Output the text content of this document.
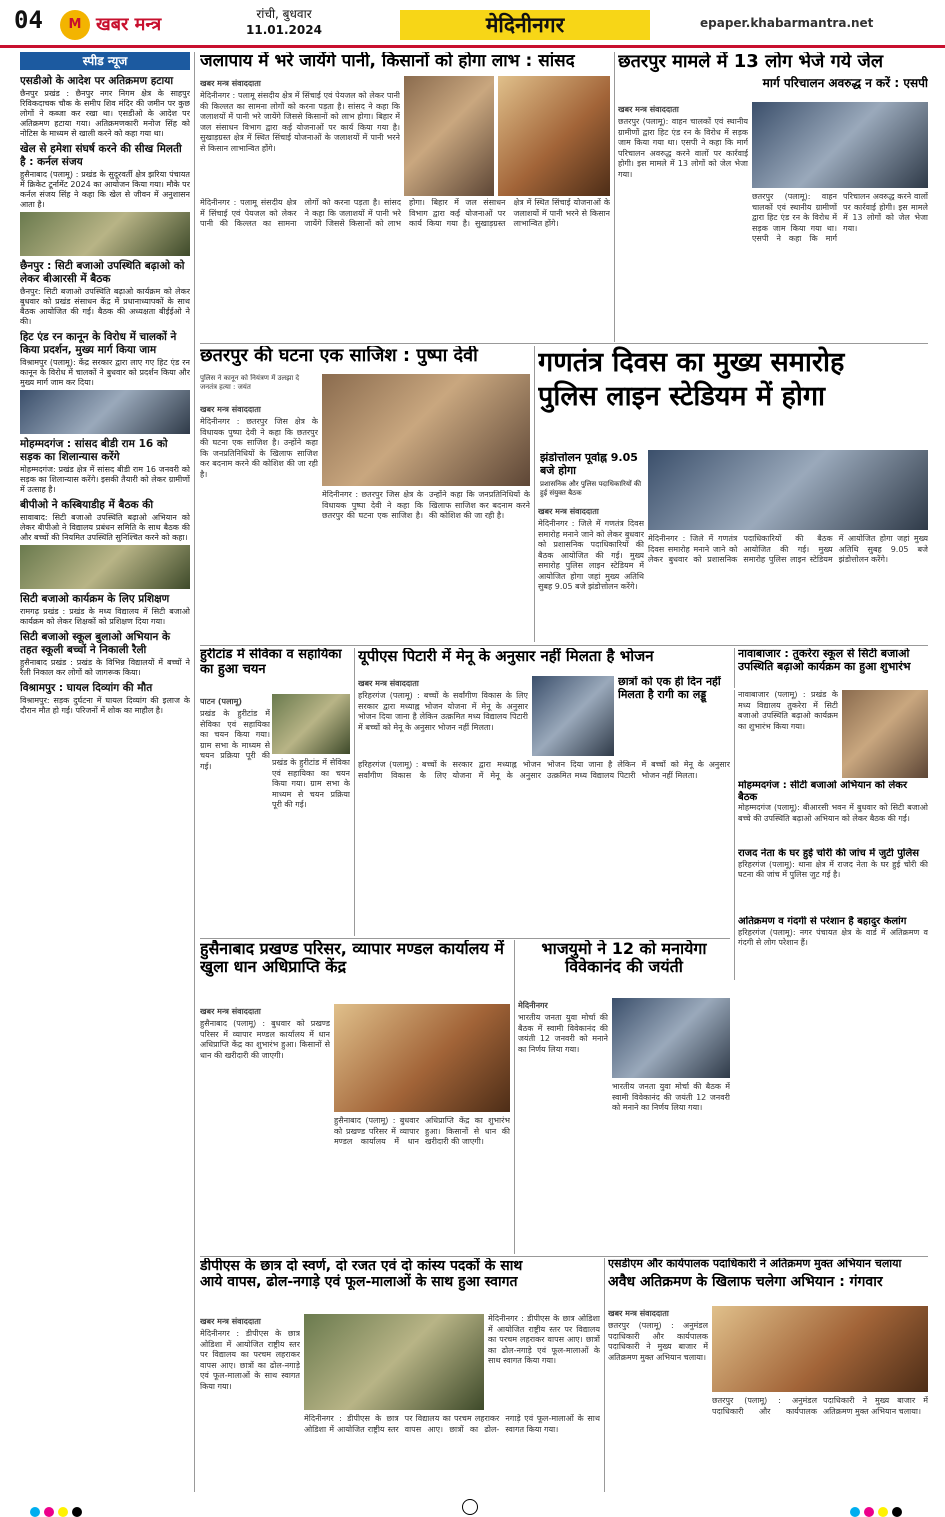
04	M खबर मन्त्र	रांची, बुधवार
11.01.2024	मेदिनीनगर	epaper.khabarmantra.net
स्पीड न्यूज
एसडीओ के आदेश पर अतिक्रमण हटाया
छैनपुर प्रखंड : छैनपुर नगर निगम क्षेत्र के साहपुर रिविकदाचक चौक के समीप शिव मंदिर की जमीन पर कुछ लोगों ने कब्जा कर रखा था। एसडीओ के आदेश पर अतिक्रमण हटाया गया। अतिक्रमणकारी मनोज सिंह को नोटिस के माध्यम से खाली करने को कहा गया था।
खेल से हमेशा संघर्ष करने की सीख मिलती है : कर्नल संजय
हुसैनाबाद (पलामू) : प्रखंड के सुदूरवर्ती क्षेत्र झरिया पंचायत में क्रिकेट टूर्नामेंट 2024 का आयोजन किया गया। मौके पर कर्नल संजय सिंह ने कहा कि खेल से जीवन में अनुशासन आता है।
छैनपुर : सिटी बजाओ उपस्थिति बढ़ाओ को लेकर बीआरसी में बैठक
छैनपुर: सिटी बजाओ उपस्थिति बढ़ाओ कार्यक्रम को लेकर बुधवार को प्रखंड संसाधन केंद्र में प्रधानाध्यापकों के साथ बैठक आयोजित की गई। बैठक की अध्यक्षता बीईईओ ने की।
हिट एंड रन कानून के विरोध में चालकों ने किया प्रदर्शन, मुख्य मार्ग किया जाम
विश्रामपुर (पलामू): केंद्र सरकार द्वारा लाए गए हिट एंड रन कानून के विरोध में चालकों ने बुधवार को प्रदर्शन किया और मुख्य मार्ग जाम कर दिया।
मोहम्मदगंज : सांसद बीडी राम 16 को सड़क का शिलान्यास करेंगे
मोहम्मदगंज: प्रखंड क्षेत्र में सांसद बीडी राम 16 जनवरी को सड़क का शिलान्यास करेंगे। इसकी तैयारी को लेकर ग्रामीणों में उत्साह है।
बीपीओ ने कस्बियाडीह में बैठक की
सावाबाद: सिटी बजाओ उपस्थिति बढ़ाओ अभियान को लेकर बीपीओ ने विद्यालय प्रबंधन समिति के साथ बैठक की और बच्चों की नियमित उपस्थिति सुनिश्चित करने को कहा।
सिटी बजाओ कार्यक्रम के लिए प्रशिक्षण
रामगढ़ प्रखंड : प्रखंड के मध्य विद्यालय में सिटी बजाओ कार्यक्रम को लेकर शिक्षकों को प्रशिक्षण दिया गया।
सिटी बजाओ स्कूल बुलाओ अभियान के तहत स्कूली बच्चों ने निकाली रैली
हुसैनाबाद प्रखंड : प्रखंड के विभिन्न विद्यालयों में बच्चों ने रैली निकाल कर लोगों को जागरूक किया।
विश्रामपुर : घायल दिव्यांग की मौत
विश्रामपुर: सड़क दुर्घटना में घायल दिव्यांग की इलाज के दौरान मौत हो गई। परिजनों में शोक का माहौल है।
जलापाय में भरे जायेंगे पानी, किसानों को होगा लाभ : सांसद
खबर मन्त्र संवाददाता
मेदिनीनगर : पलामू संसदीय क्षेत्र में सिंचाई एवं पेयजल को लेकर पानी की किल्लत का सामना लोगों को करना पड़ता है। सांसद ने कहा कि जलाशयों में पानी भरे जायेंगे जिससे किसानों को लाभ होगा। बिहार में जल संसाधन विभाग द्वारा कई योजनाओं पर कार्य किया गया है। सुखाड़ग्रस्त क्षेत्र में स्थित सिंचाई योजनाओं के जलाशयों में पानी भरने से किसान लाभान्वित होंगे।
मेदिनीनगर : पलामू संसदीय क्षेत्र में सिंचाई एवं पेयजल को लेकर पानी की किल्लत का सामना लोगों को करना पड़ता है। सांसद ने कहा कि जलाशयों में पानी भरे जायेंगे जिससे किसानों को लाभ होगा। बिहार में जल संसाधन विभाग द्वारा कई योजनाओं पर कार्य किया गया है। सुखाड़ग्रस्त क्षेत्र में स्थित सिंचाई योजनाओं के जलाशयों में पानी भरने से किसान लाभान्वित होंगे।
छतरपुर मामले में 13 लोग भेजे गये जेल
मार्ग परिचालन अवरुद्ध न करें : एसपी
खबर मन्त्र संवाददाता
छतरपुर (पलामू): वाहन चालकों एवं स्थानीय ग्रामीणों द्वारा हिट एंड रन के विरोध में सड़क जाम किया गया था। एसपी ने कहा कि मार्ग परिचालन अवरुद्ध करने वालों पर कार्रवाई होगी। इस मामले में 13 लोगों को जेल भेजा गया।
छतरपुर (पलामू): वाहन चालकों एवं स्थानीय ग्रामीणों द्वारा हिट एंड रन के विरोध में सड़क जाम किया गया था। एसपी ने कहा कि मार्ग परिचालन अवरुद्ध करने वालों पर कार्रवाई होगी। इस मामले में 13 लोगों को जेल भेजा गया।
छतरपुर की घटना एक साजिश : पुष्पा देवी
पुलिस ने कानून को नियंत्रण में उलझा दे जनतंत्र हत्या : जयंत
खबर मन्त्र संवाददाता
मेदिनीनगर : छतरपुर जिस क्षेत्र के विधायक पुष्पा देवी ने कहा कि छतरपुर की घटना एक साजिश है। उन्होंने कहा कि जनप्रतिनिधियों के खिलाफ साजिश कर बदनाम करने की कोशिश की जा रही है।
मेदिनीनगर : छतरपुर जिस क्षेत्र के विधायक पुष्पा देवी ने कहा कि छतरपुर की घटना एक साजिश है। उन्होंने कहा कि जनप्रतिनिधियों के खिलाफ साजिश कर बदनाम करने की कोशिश की जा रही है।
गणतंत्र दिवस का मुख्य समारोह
पुलिस लाइन स्टेडियम में होगा
झंडोत्तोलन पूर्वाह्न 9.05 बजे होगा
प्रशासनिक और पुलिस पदाधिकारियों की हुई संयुक्त बैठक
खबर मन्त्र संवाददाता
मेदिनीनगर : जिले में गणतंत्र दिवस समारोह मनाने जाने को लेकर बुधवार को प्रशासनिक पदाधिकारियों की बैठक आयोजित की गई। मुख्य समारोह पुलिस लाइन स्टेडियम में आयोजित होगा जहां मुख्य अतिथि सुबह 9.05 बजे झंडोत्तोलन करेंगे।
मेदिनीनगर : जिले में गणतंत्र दिवस समारोह मनाने जाने को लेकर बुधवार को प्रशासनिक पदाधिकारियों की बैठक आयोजित की गई। मुख्य समारोह पुलिस लाइन स्टेडियम में आयोजित होगा जहां मुख्य अतिथि सुबह 9.05 बजे झंडोत्तोलन करेंगे।
हुरीटांड में सेविका व सहायिका का हुआ चयन
पाटन (पलामू)
प्रखंड के हुरीटांड में सेविका एवं सहायिका का चयन किया गया। ग्राम सभा के माध्यम से चयन प्रक्रिया पूरी की गई।	प्रखंड के हुरीटांड में सेविका एवं सहायिका का चयन किया गया। ग्राम सभा के माध्यम से चयन प्रक्रिया पूरी की गई।
यूपीएस पिटारी में मेनू के अनुसार नहीं मिलता है भोजन
खबर मन्त्र संवाददाता
हरिहरगंज (पलामू) : बच्चों के सर्वांगीण विकास के लिए सरकार द्वारा मध्याह्न भोजन योजना में मेनू के अनुसार भोजन दिया जाना है लेकिन उत्क्रमित मध्य विद्यालय पिटारी में बच्चों को मेनू के अनुसार भोजन नहीं मिलता।
छात्रों को एक ही दिन नहीं मिलता है रागी का लड्डू
हरिहरगंज (पलामू) : बच्चों के सर्वांगीण विकास के लिए सरकार द्वारा मध्याह्न भोजन योजना में मेनू के अनुसार भोजन दिया जाना है लेकिन उत्क्रमित मध्य विद्यालय पिटारी में बच्चों को मेनू के अनुसार भोजन नहीं मिलता।
नावाबाजार : तुकरेरा स्कूल से सिटी बजाओ उपस्थिति बढ़ाओ कार्यक्रम का हुआ शुभारंभ
नावाबाजार (पलामू) : प्रखंड के मध्य विद्यालय तुकरेरा में सिटी बजाओ उपस्थिति बढ़ाओ कार्यक्रम का शुभारंभ किया गया।
मोहम्मदगंज : सीटी बजाओ अभियान को लेकर बैठक
मोहम्मदगंज (पलामू): बीआरसी भवन में बुधवार को सिटी बजाओ बच्चे की उपस्थिति बढ़ाओ अभियान को लेकर बैठक की गई।
राजद नेता के घर हुई चोरी की जांच में जुटी पुलिस
हरिहरगंज (पलामू): थाना क्षेत्र में राजद नेता के घर हुई चोरी की घटना की जांच में पुलिस जुट गई है।
अतिक्रमण व गंदगी से परेशान है बहादुर केलांग
हरिहरगंज (पलामू): नगर पंचायत क्षेत्र के वार्ड में अतिक्रमण व गंदगी से लोग परेशान हैं।
हुसैनाबाद प्रखण्ड परिसर, व्यापार मण्डल कार्यालय में खुला धान अधिप्राप्ति केंद्र
खबर मन्त्र संवाददाता
हुसैनाबाद (पलामू) : बुधवार को प्रखण्ड परिसर में व्यापार मण्डल कार्यालय में धान अधिप्राप्ति केंद्र का शुभारंभ हुआ। किसानों से धान की खरीदारी की जाएगी।
हुसैनाबाद (पलामू) : बुधवार को प्रखण्ड परिसर में व्यापार मण्डल कार्यालय में धान अधिप्राप्ति केंद्र का शुभारंभ हुआ। किसानों से धान की खरीदारी की जाएगी।
भाजयुमो ने 12 को मनायेगा विवेकानंद की जयंती
मेदिनीनगर
भारतीय जनता युवा मोर्चा की बैठक में स्वामी विवेकानंद की जयंती 12 जनवरी को मनाने का निर्णय लिया गया।
भारतीय जनता युवा मोर्चा की बैठक में स्वामी विवेकानंद की जयंती 12 जनवरी को मनाने का निर्णय लिया गया।
डीपीएस के छात्र दो स्वर्ण, दो रजत एवं दो कांस्य पदकों के साथ
आये वापस, ढोल-नगाड़े एवं फूल-मालाओं के साथ हुआ स्वागत
खबर मन्त्र संवाददाता
मेदिनीनगर : डीपीएस के छात्र ओडिशा में आयोजित राष्ट्रीय स्तर पर विद्यालय का परचम लहराकर वापस आए। छात्रों का ढोल-नगाड़े एवं फूल-मालाओं के साथ स्वागत किया गया।
मेदिनीनगर : डीपीएस के छात्र ओडिशा में आयोजित राष्ट्रीय स्तर पर विद्यालय का परचम लहराकर वापस आए। छात्रों का ढोल-नगाड़े एवं फूल-मालाओं के साथ स्वागत किया गया।
मेदिनीनगर : डीपीएस के छात्र ओडिशा में आयोजित राष्ट्रीय स्तर पर विद्यालय का परचम लहराकर वापस आए। छात्रों का ढोल-नगाड़े एवं फूल-मालाओं के साथ स्वागत किया गया।
एसडीएम और कार्यपालक पदाधिकारी ने अतिक्रमण मुक्त अभियान चलाया
अवैध अतिक्रमण के खिलाफ चलेगा अभियान : गंगवार
खबर मन्त्र संवाददाता
छतरपुर (पलामू) : अनुमंडल पदाधिकारी और कार्यपालक पदाधिकारी ने मुख्य बाजार में अतिक्रमण मुक्त अभियान चलाया।
छतरपुर (पलामू) : अनुमंडल पदाधिकारी और कार्यपालक पदाधिकारी ने मुख्य बाजार में अतिक्रमण मुक्त अभियान चलाया।
